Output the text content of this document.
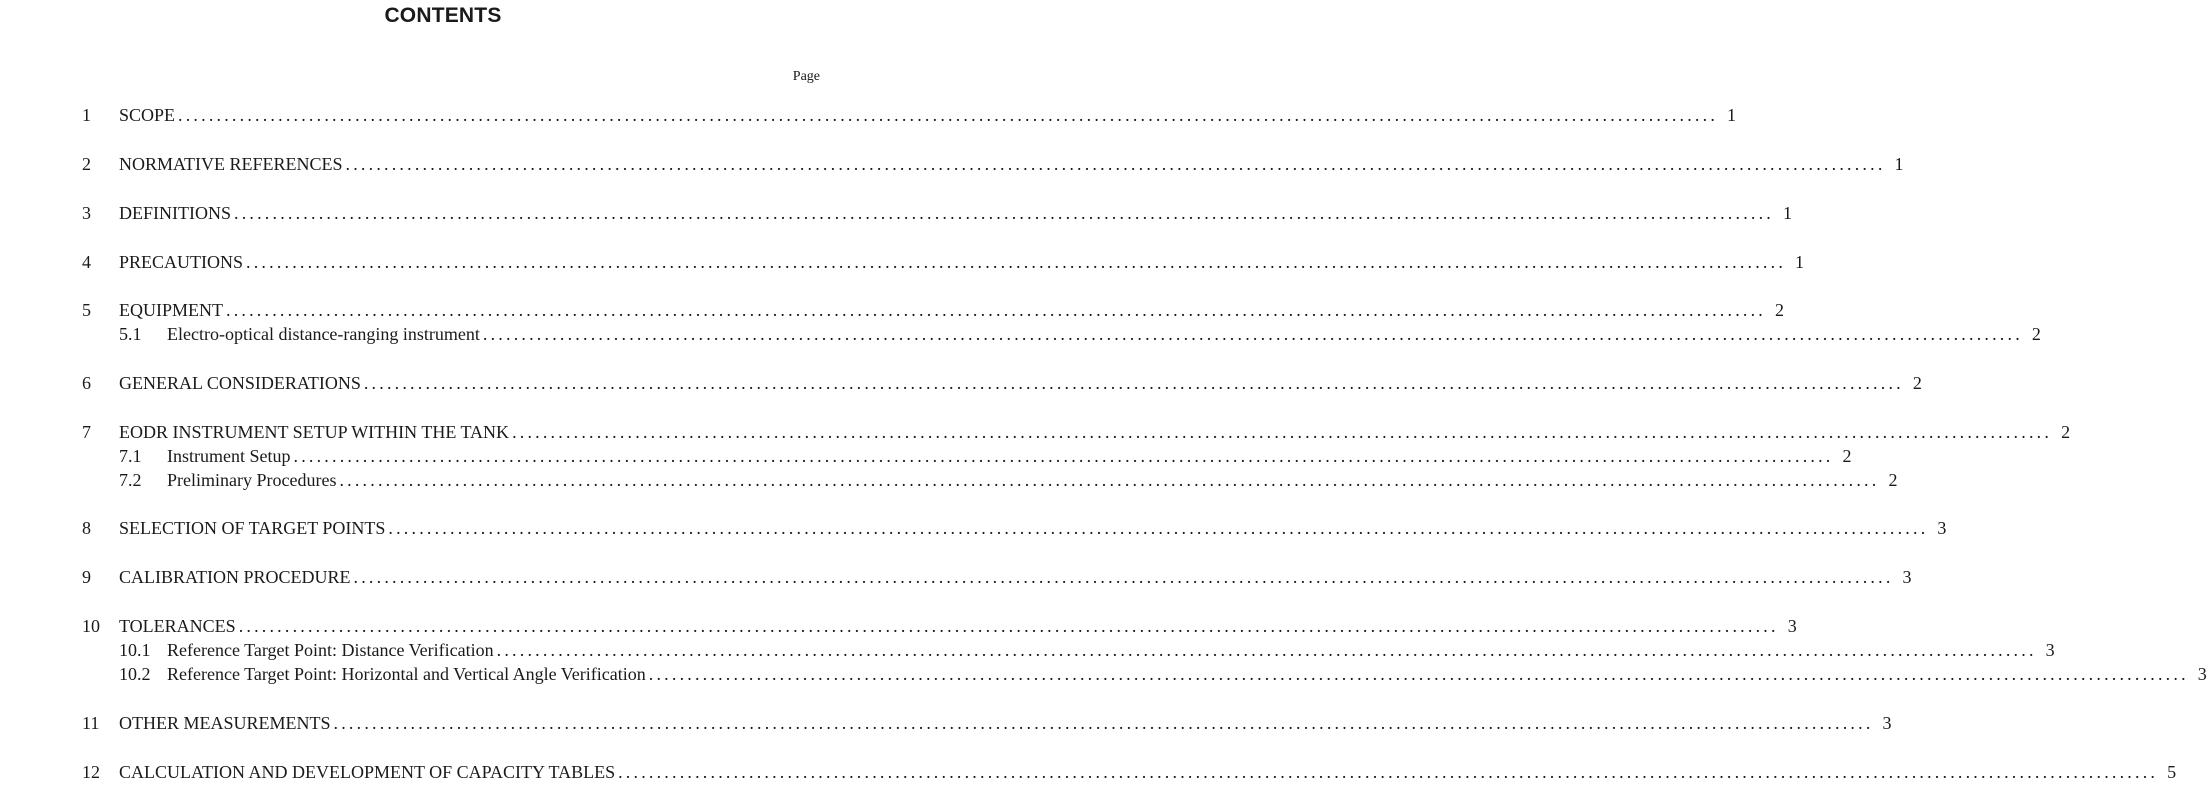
CONTENTS
Page
1	SCOPE ........................................................................................................................................................................................................ 1
2	NORMATIVE REFERENCES ........................................................................................................................................................................................................ 1
3	DEFINITIONS ........................................................................................................................................................................................................ 1
4	PRECAUTIONS ........................................................................................................................................................................................................ 1
5	EQUIPMENT ........................................................................................................................................................................................................ 2
5.1	Electro-optical distance-ranging instrument ........................................................................................................................................................................................................ 2
6	GENERAL CONSIDERATIONS ........................................................................................................................................................................................................ 2
7	EODR INSTRUMENT SETUP WITHIN THE TANK ........................................................................................................................................................................................................ 2
7.1	Instrument Setup ........................................................................................................................................................................................................ 2
7.2	Preliminary Procedures ........................................................................................................................................................................................................ 2
8	SELECTION OF TARGET POINTS ........................................................................................................................................................................................................ 3
9	CALIBRATION PROCEDURE ........................................................................................................................................................................................................ 3
10	TOLERANCES ........................................................................................................................................................................................................ 3
10.1 Reference Target Point: Distance Verification ........................................................................................................................................................................................................ 3
10.2 Reference Target Point: Horizontal and Vertical Angle Verification ........................................................................................................................................................................................................ 3
11	OTHER MEASUREMENTS ........................................................................................................................................................................................................ 3
12	CALCULATION AND DEVELOPMENT OF CAPACITY TABLES ........................................................................................................................................................................................................ 5
